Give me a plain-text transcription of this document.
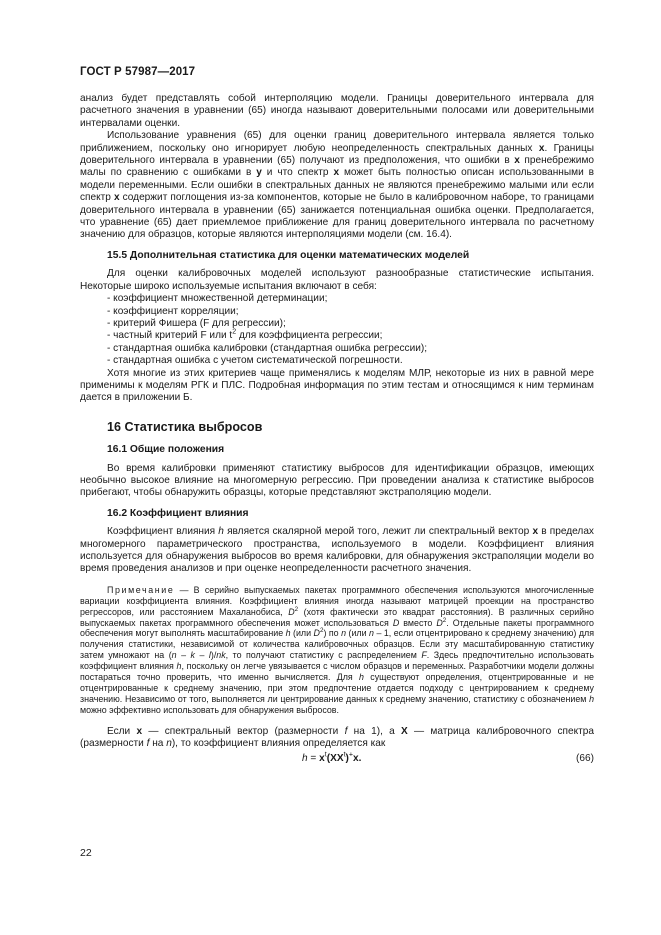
ГОСТ Р 57987—2017

анализ будет представлять собой интерполяцию модели. Границы доверительного интервала для расчетного значения в уравнении (65) иногда называют доверительными полосами или доверительными интервалами оценки.

Использование уравнения (65) для оценки границ доверительного интервала является только приближением, поскольку оно игнорирует любую неопределенность спектральных данных x. Границы доверительного интервала в уравнении (65) получают из предположения, что ошибки в x пренебрежимо малы по сравнению с ошибками в y и что спектр x может быть полностью описан использованными в модели переменными. Если ошибки в спектральных данных не являются пренебрежимо малыми или если спектр x содержит поглощения из-за компонентов, которые не было в калибровочном наборе, то границами доверительного интервала в уравнении (65) занижается потенциальная ошибка оценки. Предполагается, что уравнение (65) дает приемлемое приближение для границ доверительного интервала по расчетному значению для образцов, которые являются интерполяциями модели (см. 16.4).

15.5 Дополнительная статистика для оценки математических моделей

Для оценки калибровочных моделей используют разнообразные статистические испытания. Некоторые широко используемые испытания включают в себя:

- коэффициент множественной детерминации;

- коэффициент корреляции;

- критерий Фишера (F для регрессии);

- частный критерий F или $t^2$ для коэффициента регрессии;

- стандартная ошибка калибровки (стандартная ошибка регрессии);

- стандартная ошибка с учетом систематической погрешности.

Хотя многие из этих критериев чаще применялись к моделям МЛР, некоторые из них в равной мере применимы к моделям РГК и ПЛС. Подробная информация по этим тестам и относящимся к ним терминам дается в приложении Б.

16 Статистика выбросов
16.1 Общие положения

Во время калибровки применяют статистику выбросов для идентификации образцов, имеющих необычно высокое влияние на многомерную регрессию. При проведении анализа к статистике выбросов прибегают, чтобы обнаружить образцы, которые представляют экстраполяцию модели.

16.2 Коэффициент влияния

Коэффициент влияния h является скалярной мерой того, лежит ли спектральный вектор x в пределах многомерного параметрического пространства, используемого в модели. Коэффициент влияния используется для обнаружения выбросов во время калибровки, для обнаружения экстраполяции модели во время проведения анализов и при оценке неопределенности расчетного значения.

Примечание — В серийно выпускаемых пакетах программного обеспечения используются многочисленные вариации коэффициента влияния. Коэффициент влияния иногда называют матрицей проекции на пространство регрессоров, или расстоянием Махаланобиса, $D^2$ (хотя фактически это квадрат расстояния). В различных серийно выпускаемых пакетах программного обеспечения может использоваться D вместо $D^2$. Отдельные пакеты программного обеспечения могут выполнять масштабирование h (или $D^2$) по n (или n – 1, если отцентрировано к среднему значению) для получения статистики, независимой от количества калибровочных образцов. Если эту масштабированную статистику затем умножают на (n – k – l)/nk, то получают статистику с распределением F. Здесь предпочтительно использовать коэффициент влияния h, поскольку он легче увязывается с числом образцов и переменных. Разработчики модели должны постараться точно проверить, что именно вычисляется. Для h существуют определения, отцентрированные и не отцентрированные к среднему значению, при этом предпочтение отдается подходу с центрированием к среднему значению. Независимо от того, выполняется ли центрирование данных к среднему значению, статистику с обозначением h можно эффективно использовать для обнаружения выбросов.

Если x — спектральный вектор (размерности f на 1), а X — матрица калибровочного спектра (размерности f на n), то коэффициент влияния определяется как

$h = x^t(XX^t)^+x$.	(66)
22
